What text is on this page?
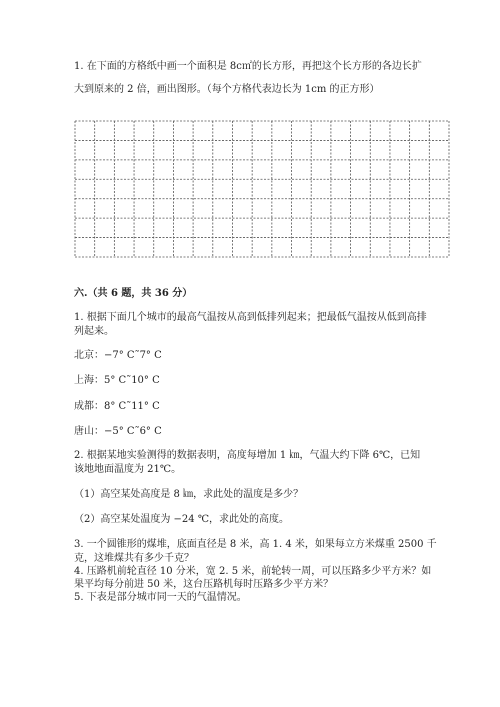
1. 在下面的方格纸中画一个面积是 8c㎡的长方形，再把这个长方形的各边长扩

大到原来的 2 倍，画出图形。（每个方格代表边长为 1cm 的正方形）

六.（共 6 题，共 36 分）

1. 根据下面几个城市的最高气温按从高到低排列起来；把最低气温按从低到高排

列起来。

北京：−7° C˜7° C

上海：5° C˜10° C

成都：8° C˜11° C

唐山：−5° C˜6° C

2. 根据某地实验测得的数据表明，高度每增加 1 ㎞，气温大约下降 6℃，已知

该地地面温度为 21℃。

（1）高空某处高度是 8 ㎞，求此处的温度是多少？

（2）高空某处温度为 −24 ℃，求此处的高度。

3. 一个圆锥形的煤堆，底面直径是 8 米，高 1. 4 米，如果每立方米煤重 2500 千

克，这堆煤共有多少千克？

4. 压路机前轮直径 10 分米，宽 2. 5 米，前轮转一周，可以压路多少平方米？如

果平均每分前进 50 米，这台压路机每时压路多少平方米？

5. 下表是部分城市同一天的气温情况。
